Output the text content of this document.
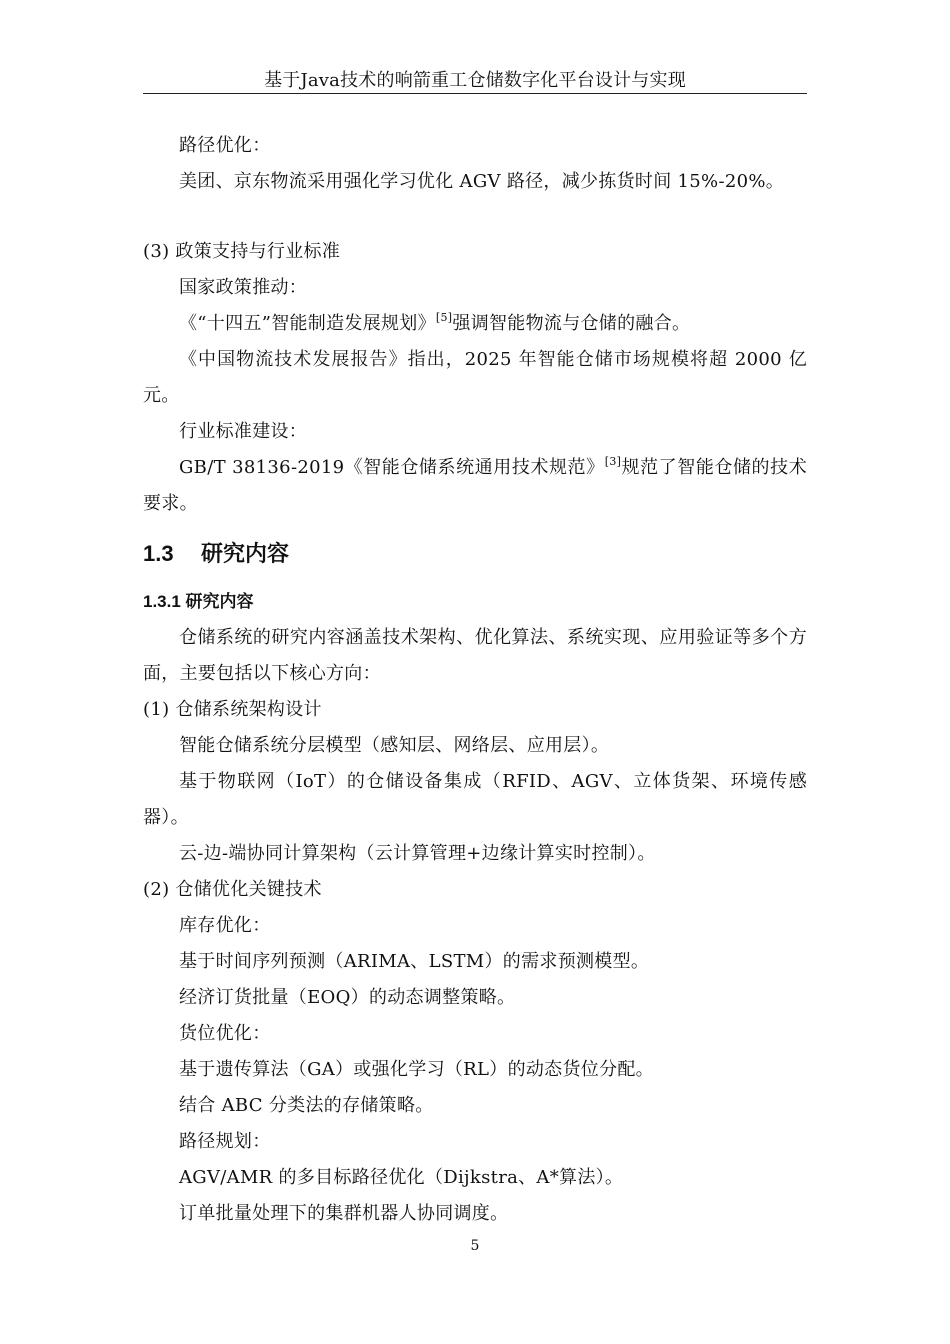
基于Java技术的响箭重工仓储数字化平台设计与实现
路径优化：
美团、京东物流采用强化学习优化 AGV 路径，减少拣货时间 15%-20%。
(3) 政策支持与行业标准
国家政策推动：
《“十四五”智能制造发展规划》[5]强调智能物流与仓储的融合。
《中国物流技术发展报告》指出，2025 年智能仓储市场规模将超 2000 亿元。
行业标准建设：
GB/T 38136-2019《智能仓储系统通用技术规范》[3]规范了智能仓储的技术要求。
1.3 研究内容
1.3.1 研究内容
仓储系统的研究内容涵盖技术架构、优化算法、系统实现、应用验证等多个方面，主要包括以下核心方向：
(1) 仓储系统架构设计
智能仓储系统分层模型（感知层、网络层、应用层）。
基于物联网（IoT）的仓储设备集成（RFID、AGV、立体货架、环境传感器）。
云-边-端协同计算架构（云计算管理+边缘计算实时控制）。
(2) 仓储优化关键技术
库存优化：
基于时间序列预测（ARIMA、LSTM）的需求预测模型。
经济订货批量（EOQ）的动态调整策略。
货位优化：
基于遗传算法（GA）或强化学习（RL）的动态货位分配。
结合 ABC 分类法的存储策略。
路径规划：
AGV/AMR 的多目标路径优化（Dijkstra、A*算法）。
订单批量处理下的集群机器人协同调度。
5
